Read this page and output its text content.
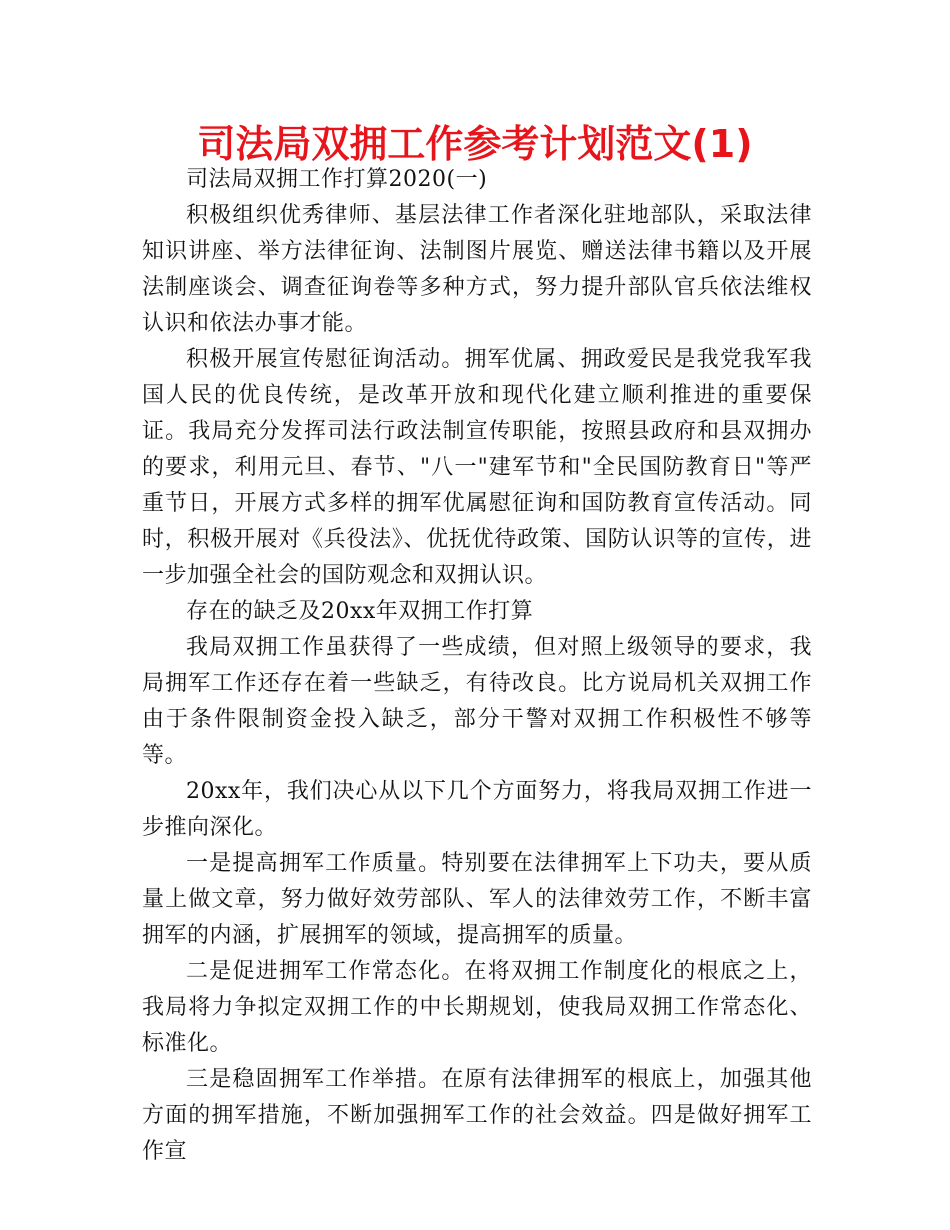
司法局双拥工作参考计划范文(1)

司法局双拥工作打算2020(一)

积极组织优秀律师、基层法律工作者深化驻地部队，采取法律知识讲座、举方法律征询、法制图片展览、赠送法律书籍以及开展法制座谈会、调查征询卷等多种方式，努力提升部队官兵依法维权认识和依法办事才能。

积极开展宣传慰征询活动。拥军优属、拥政爱民是我党我军我国人民的优良传统，是改革开放和现代化建立顺利推进的重要保证。我局充分发挥司法行政法制宣传职能，按照县政府和县双拥办的要求，利用元旦、春节、"八一"建军节和"全民国防教育日"等严重节日，开展方式多样的拥军优属慰征询和国防教育宣传活动。同时，积极开展对《兵役法》、优抚优待政策、国防认识等的宣传，进一步加强全社会的国防观念和双拥认识。

存在的缺乏及20xx年双拥工作打算

我局双拥工作虽获得了一些成绩，但对照上级领导的要求，我局拥军工作还存在着一些缺乏，有待改良。比方说局机关双拥工作由于条件限制资金投入缺乏，部分干警对双拥工作积极性不够等等。

20xx年，我们决心从以下几个方面努力，将我局双拥工作进一步推向深化。

一是提高拥军工作质量。特别要在法律拥军上下功夫，要从质量上做文章，努力做好效劳部队、军人的法律效劳工作，不断丰富拥军的内涵，扩展拥军的领域，提高拥军的质量。

二是促进拥军工作常态化。在将双拥工作制度化的根底之上，我局将力争拟定双拥工作的中长期规划，使我局双拥工作常态化、标准化。

三是稳固拥军工作举措。在原有法律拥军的根底上，加强其他方面的拥军措施，不断加强拥军工作的社会效益。四是做好拥军工作宣
